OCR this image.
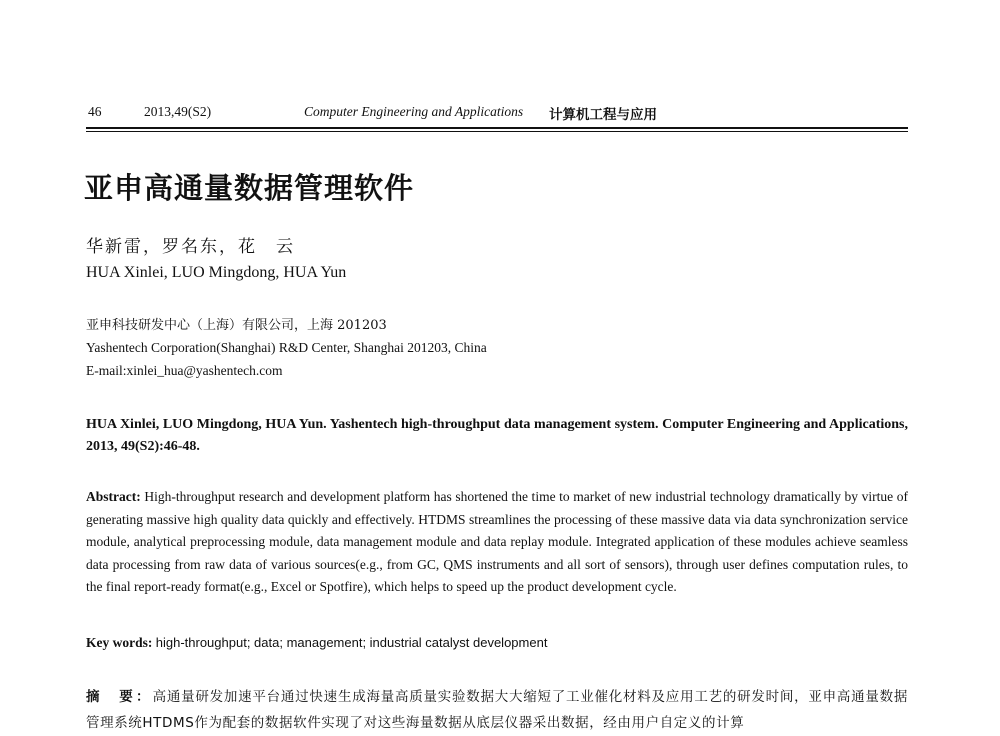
46	2013,49(S2)	Computer Engineering and Applications 计算机工程与应用
亚申高通量数据管理软件
华新雷，罗名东，花　云
HUA Xinlei, LUO Mingdong, HUA Yun
亚申科技研发中心（上海）有限公司，上海 201203
Yashentech Corporation(Shanghai) R&D Center, Shanghai 201203, China
E-mail:xinlei_hua@yashentech.com
HUA Xinlei, LUO Mingdong, HUA Yun. Yashentech high-throughput data management system. Computer Engineering and Applications, 2013, 49(S2):46-48.
Abstract: High-throughput research and development platform has shortened the time to market of new industrial technology dramatically by virtue of generating massive high quality data quickly and effectively. HTDMS streamlines the processing of these massive data via data synchronization service module, analytical preprocessing module, data management module and data replay module. Integrated application of these modules achieve seamless data processing from raw data of various sources(e.g., from GC, QMS instruments and all sort of sensors), through user defines computation rules, to the final report-ready format(e.g., Excel or Spotfire), which helps to speed up the product development cycle.
Key words: high-throughput; data; management; industrial catalyst development
摘　要：高通量研发加速平台通过快速生成海量高质量实验数据大大缩短了工业催化材料及应用工艺的研发时间，亚申高通量数据管理系统HTDMS作为配套的数据软件实现了对这些海量数据从底层仪器采出数据，经由用户自定义的计算
